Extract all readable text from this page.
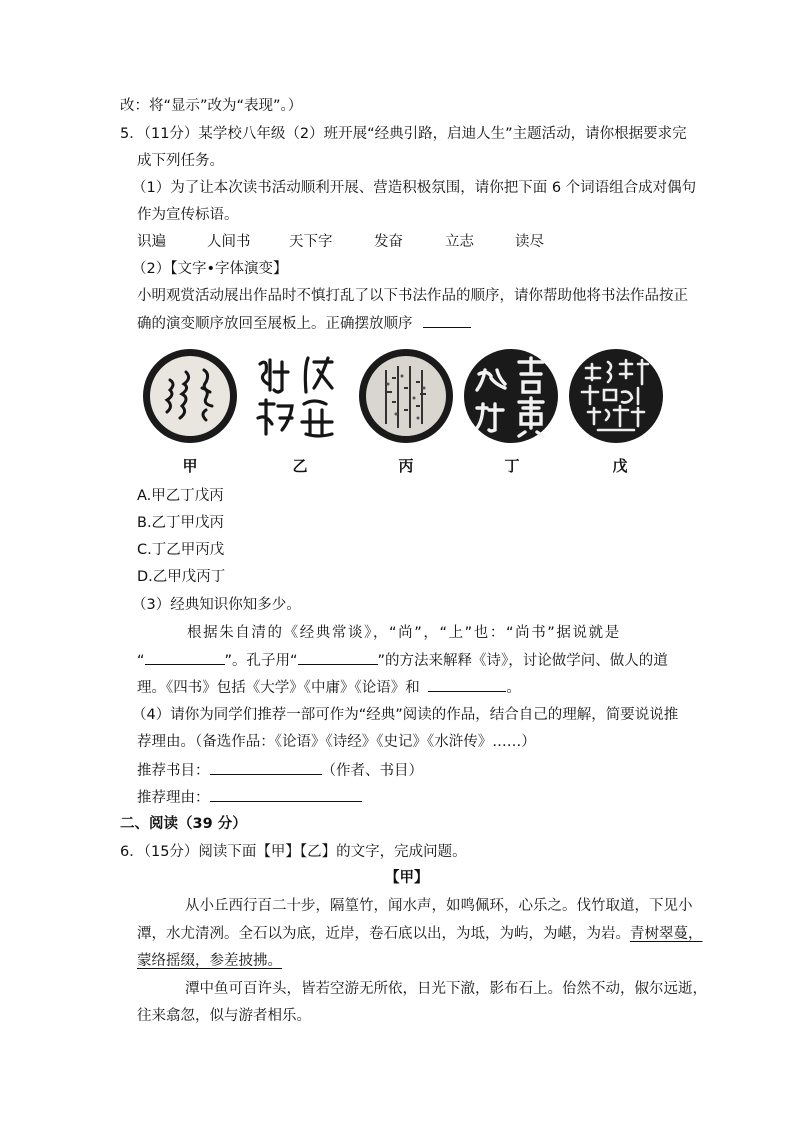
改：将“显示”改为“表现”。）
5．（11分）某学校八年级（2）班开展“经典引路，启迪人生”主题活动，请你根据要求完
成下列任务。
（1）为了让本次读书活动顺利开展、营造积极氛围，请你把下面 6 个词语组合成对偶句
作为宣传标语。
识遍	人间书	天下字	发奋	立志	读尽
（2）【文字•字体演变】
小明观赏活动展出作品时不慎打乱了以下书法作品的顺序，请你帮助他将书法作品按正
确的演变顺序放回至展板上。正确摆放顺序
甲	乙	丙	丁	戊
A.甲乙丁戊丙
B.乙丁甲戊丙
C.丁乙甲丙戊
D.乙甲戊丙丁
（3）经典知识你知多少。
根据朱自清的《经典常谈》，“尚”，“上”也：“尚书”据说就是
“	”。孔子用“	”的方法来解释《诗》，讨论做学问、做人的道
理。《四书》包括《大学》《中庸》《论语》和	。
（4）请你为同学们推荐一部可作为“经典”阅读的作品，结合自己的理解，简要说说推
荐理由。（备选作品：《论语》《诗经》《史记》《水浒传》……）
推荐书目：	（作者、书目）
推荐理由：
二、阅读（39 分）
6．（15分）阅读下面【甲】【乙】的文字，完成问题。
【甲】
从小丘西行百二十步，隔篁竹，闻水声，如鸣佩环，心乐之。伐竹取道，下见小
潭，水尤清冽。全石以为底，近岸，卷石底以出，为坻，为屿，为嵁，为岩。青树翠蔓，
蒙络摇缀，参差披拂。
潭中鱼可百许头，皆若空游无所依，日光下澈，影布石上。佁然不动，俶尔远逝，
往来翕忽，似与游者相乐。
